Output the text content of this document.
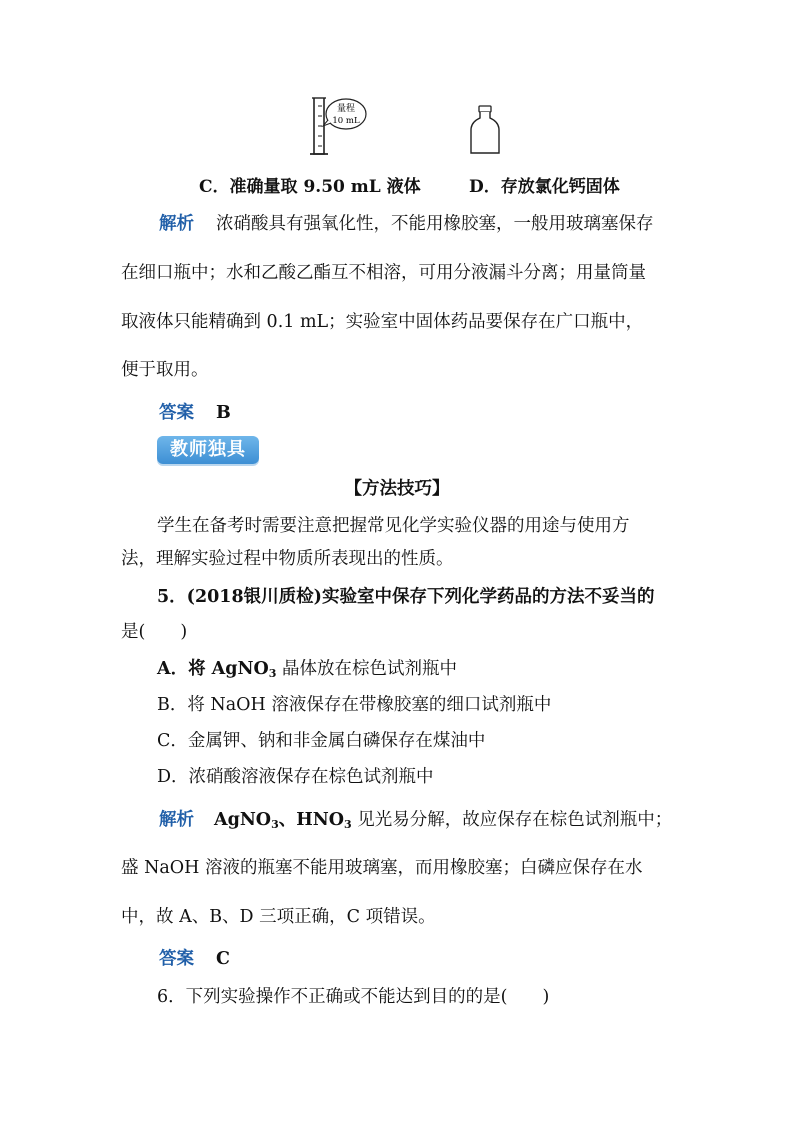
量程
10 mL
C．准确量取 9.50 mL 液体	D．存放氯化钙固体
解析 浓硝酸具有强氧化性，不能用橡胶塞，一般用玻璃塞保存
在细口瓶中；水和乙酸乙酯互不相溶，可用分液漏斗分离；用量筒量
取液体只能精确到 0.1 mL；实验室中固体药品要保存在广口瓶中，
便于取用。
答案 B
教师独具
【方法技巧】
学生在备考时需要注意把握常见化学实验仪器的用途与使用方
法，理解实验过程中物质所表现出的性质。
5．(2018银川质检)实验室中保存下列化学药品的方法不妥当的
是(　　)
A．将 AgNO$_3$ 晶体放在棕色试剂瓶中
B．将 NaOH 溶液保存在带橡胶塞的细口试剂瓶中
C．金属钾、钠和非金属白磷保存在煤油中
D．浓硝酸溶液保存在棕色试剂瓶中
解析 AgNO$_3$、$HNO_3$ 见光易分解，故应保存在棕色试剂瓶中；
盛 NaOH 溶液的瓶塞不能用玻璃塞，而用橡胶塞；白磷应保存在水
中，故 A、B、D 三项正确，C 项错误。
答案 C
6．下列实验操作不正确或不能达到目的的是(　　)
